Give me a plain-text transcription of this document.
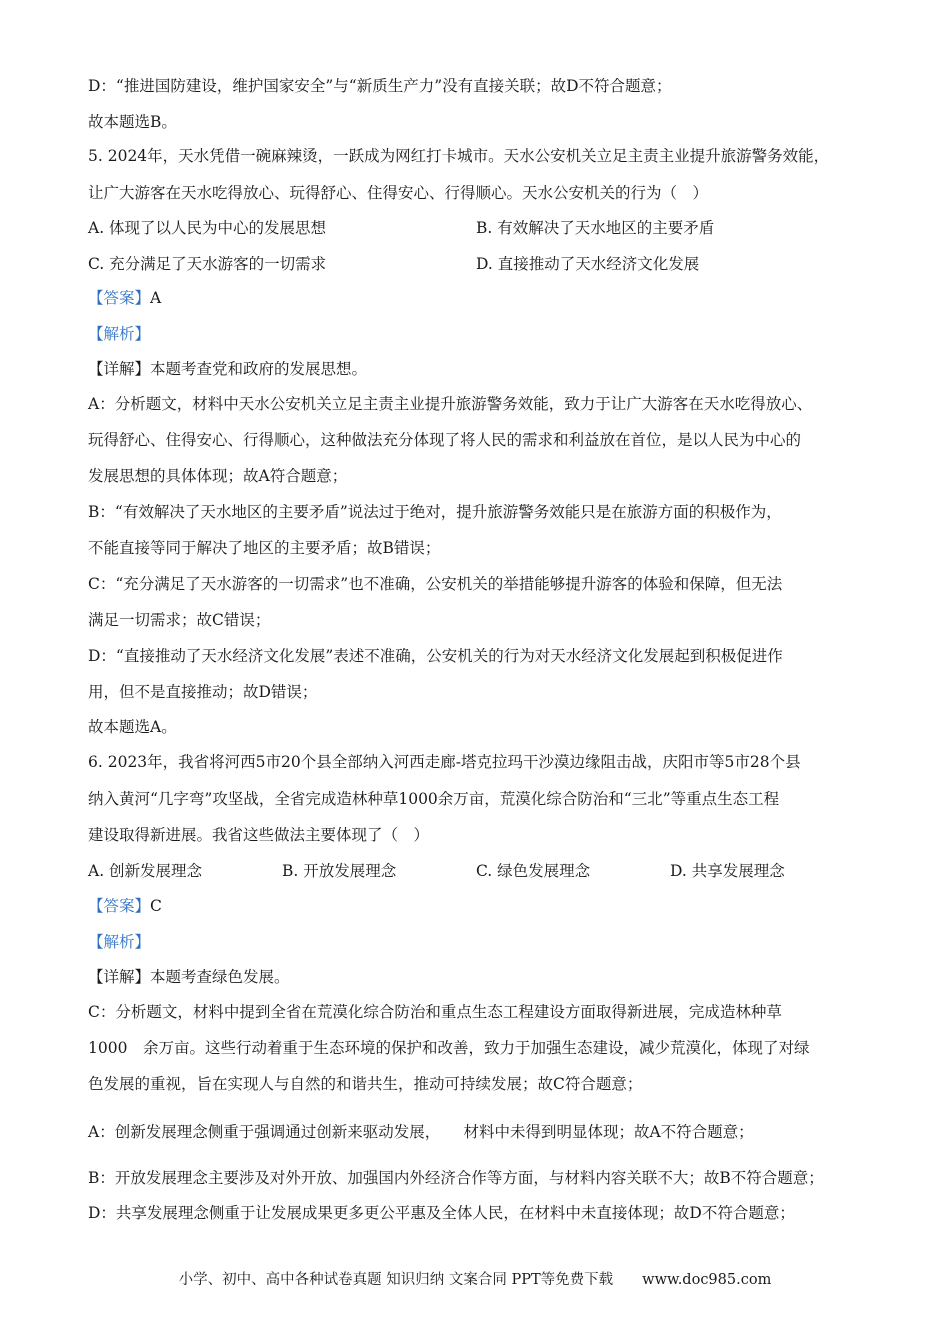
D：“推进国防建设，维护国家安全”与“新质生产力”没有直接关联；故D不符合题意；
故本题选B。
5. 2024年，天水凭借一碗麻辣烫，一跃成为网红打卡城市。天水公安机关立足主责主业提升旅游警务效能，
让广大游客在天水吃得放心、玩得舒心、住得安心、行得顺心。天水公安机关的行为（　）
A. 体现了以人民为中心的发展思想	B. 有效解决了天水地区的主要矛盾
C. 充分满足了天水游客的一切需求	D. 直接推动了天水经济文化发展
【答案】A
【解析】
【详解】本题考查党和政府的发展思想。
A：分析题文，材料中天水公安机关立足主责主业提升旅游警务效能，致力于让广大游客在天水吃得放心、
玩得舒心、住得安心、行得顺心，这种做法充分体现了将人民的需求和利益放在首位，是以人民为中心的
发展思想的具体体现；故A符合题意；
B：“有效解决了天水地区的主要矛盾”说法过于绝对，提升旅游警务效能只是在旅游方面的积极作为，
不能直接等同于解决了地区的主要矛盾；故B错误；
C：“充分满足了天水游客的一切需求”也不准确，公安机关的举措能够提升游客的体验和保障，但无法
满足一切需求；故C错误；
D：“直接推动了天水经济文化发展”表述不准确，公安机关的行为对天水经济文化发展起到积极促进作
用，但不是直接推动；故D错误；
故本题选A。
6. 2023年，我省将河西5市20个县全部纳入河西走廊-塔克拉玛干沙漠边缘阻击战，庆阳市等5市28个县
纳入黄河“几字弯”攻坚战，全省完成造林种草1000余万亩，荒漠化综合防治和“三北”等重点生态工程
建设取得新进展。我省这些做法主要体现了（　）
A. 创新发展理念	B. 开放发展理念	C. 绿色发展理念	D. 共享发展理念
【答案】C
【解析】
【详解】本题考查绿色发展。
C：分析题文，材料中提到全省在荒漠化综合防治和重点生态工程建设方面取得新进展，完成造林种草
1000　余万亩。这些行动着重于生态环境的保护和改善，致力于加强生态建设，减少荒漠化，体现了对绿
色发展的重视，旨在实现人与自然的和谐共生，推动可持续发展；故C符合题意；
A：创新发展理念侧重于强调通过创新来驱动发展，　　材料中未得到明显体现；故A不符合题意；
B：开放发展理念主要涉及对外开放、加强国内外经济合作等方面，与材料内容关联不大；故B不符合题意；
D：共享发展理念侧重于让发展成果更多更公平惠及全体人民，在材料中未直接体现；故D不符合题意；
小学、初中、高中各种试卷真题 知识归纳 文案合同 PPT等免费下载　　www.doc985.com
